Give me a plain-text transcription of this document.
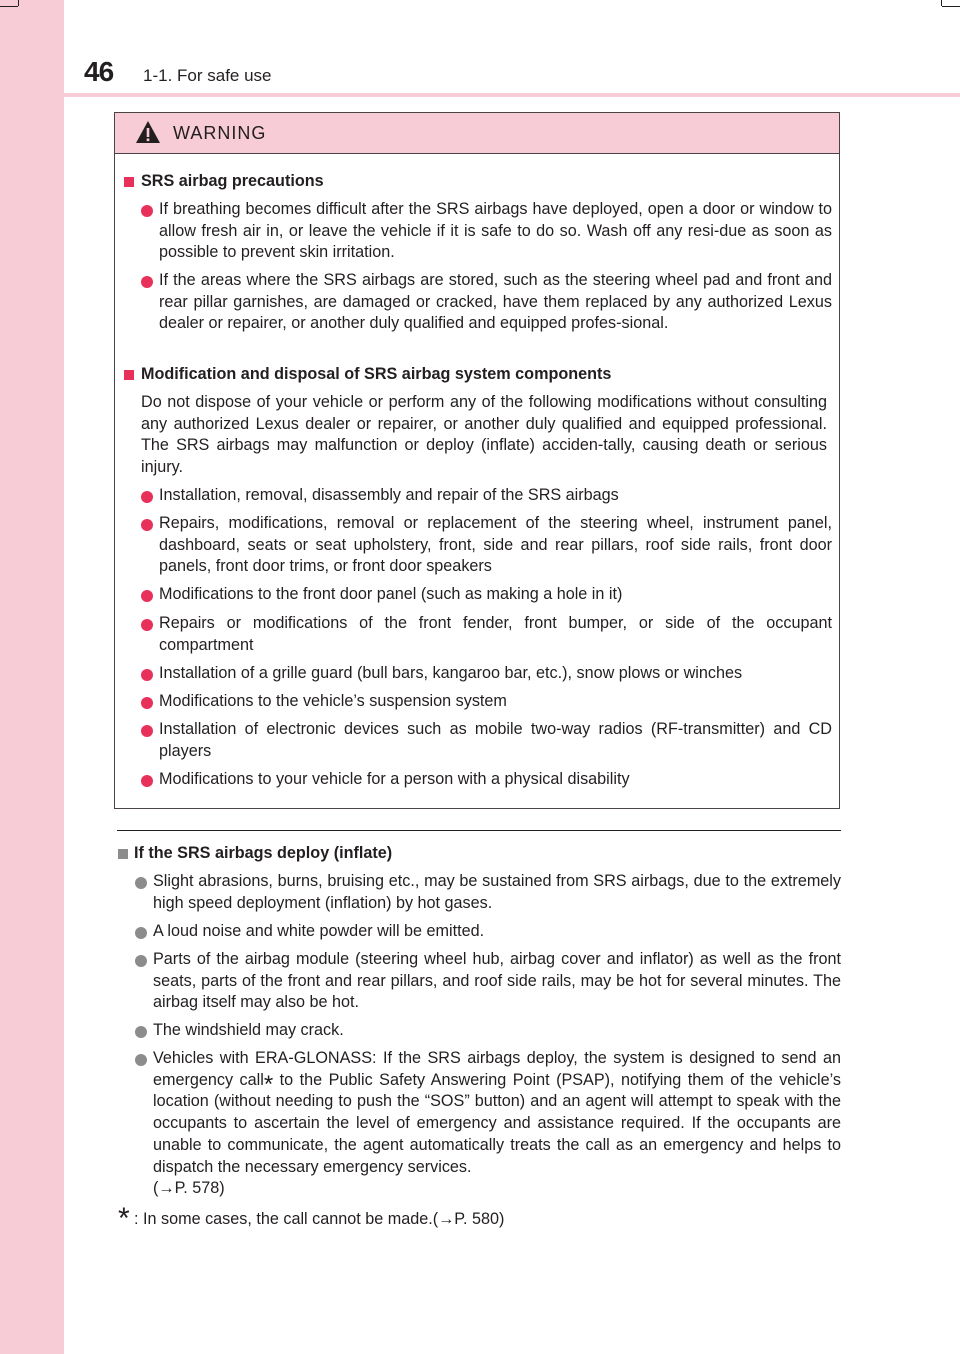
46 1-1. For safe use
WARNING
SRS airbag precautions
If breathing becomes difficult after the SRS airbags have deployed, open a door or window to allow fresh air in, or leave the vehicle if it is safe to do so. Wash off any resi-due as soon as possible to prevent skin irritation.
If the areas where the SRS airbags are stored, such as the steering wheel pad and front and rear pillar garnishes, are damaged or cracked, have them replaced by any authorized Lexus dealer or repairer, or another duly qualified and equipped profes-sional.
Modification and disposal of SRS airbag system components
Do not dispose of your vehicle or perform any of the following modifications without consulting any authorized Lexus dealer or repairer, or another duly qualified and equipped professional. The SRS airbags may malfunction or deploy (inflate) acciden-tally, causing death or serious injury.
Installation, removal, disassembly and repair of the SRS airbags
Repairs, modifications, removal or replacement of the steering wheel, instrument panel, dashboard, seats or seat upholstery, front, side and rear pillars, roof side rails, front door panels, front door trims, or front door speakers
Modifications to the front door panel (such as making a hole in it)
Repairs or modifications of the front fender, front bumper, or side of the occupant compartment
Installation of a grille guard (bull bars, kangaroo bar, etc.), snow plows or winches
Modifications to the vehicle’s suspension system
Installation of electronic devices such as mobile two-way radios (RF-transmitter) and CD players
Modifications to your vehicle for a person with a physical disability
If the SRS airbags deploy (inflate)
Slight abrasions, burns, bruising etc., may be sustained from SRS airbags, due to the extremely high speed deployment (inflation) by hot gases.
A loud noise and white powder will be emitted.
Parts of the airbag module (steering wheel hub, airbag cover and inflator) as well as the front seats, parts of the front and rear pillars, and roof side rails, may be hot for several minutes. The airbag itself may also be hot.
The windshield may crack.
Vehicles with ERA-GLONASS: If the SRS airbags deploy, the system is designed to send an emergency call* to the Public Safety Answering Point (PSAP), notifying them of the vehicle’s location (without needing to push the “SOS” button) and an agent will attempt to speak with the occupants to ascertain the level of emergency and assistance required. If the occupants are unable to communicate, the agent automatically treats the call as an emergency and helps to dispatch the necessary emergency services.
(→P. 578)
* : In some cases, the call cannot be made.(→P. 580)
